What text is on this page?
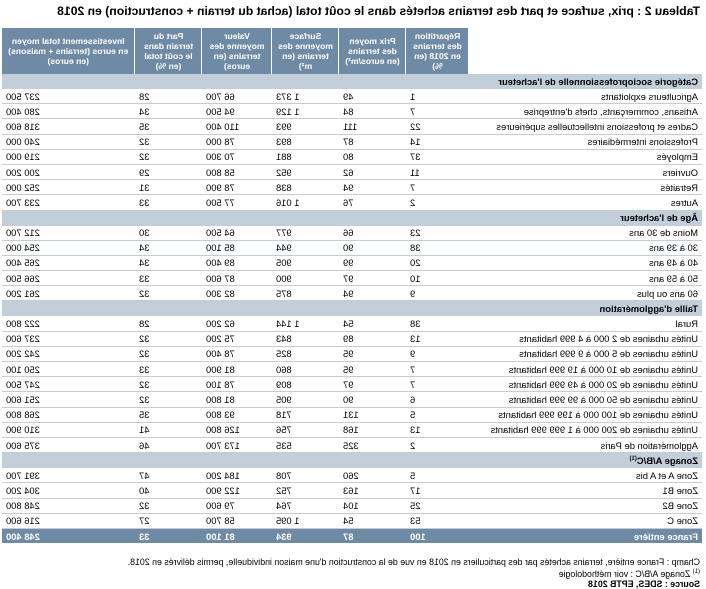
Tableau 2 : prix, surface et part des terrains achetés dans le coût total (achat du terrain + construction) en 2018
	Répartition des terrains en 2018 (en %)	Prix moyen des terrains (en euros/m²)	Surface moyenne des terrains (en m²)	Valeur moyenne des terrains (en euros)	Part du terrain dans le coût total (en %)	Investissement total moyen en euros (terrains + maisons) (en euros)
Catégorie socioprofessionnelle de l'acheteur						
Agriculteurs exploitants	1	49	1 373	66 700	28	237 500
Artisans, commerçants, chefs d'entreprise	7	84	1 129	94 500	34	280 400
Cadres et professions intellectuelles supérieures	22	111	993	110 400	35	318 600
Professions intermédiaires	14	87	893	78 000	32	240 000
Employés	37	80	881	70 300	32	219 000
Ouvriers	11	62	952	58 800	29	200 200
Retraités	7	94	838	78 900	31	252 000
Autres	2	76	1 016	77 500	33	233 700
Âge de l'acheteur						
Moins de 30 ans	23	66	977	64 500	30	212 700
30 à 39 ans	38	90	944	85 100	34	254 000
40 à 49 ans	20	99	905	89 400	34	265 400
50 à 59 ans	10	97	900	87 600	33	266 500
60 ans ou plus	9	94	875	82 300	32	261 200
Taille d'agglomération						
Rural	38	54	1 144	62 200	28	222 800
Unités urbaines de 2 000 à 4 999 habitants	13	89	843	75 200	32	237 600
Unités urbaines de 5 000 à 9 999 habitants	9	95	825	78 400	32	242 200
Unités urbaines de 10 000 à 19 999 habitants	7	95	860	81 900	33	250 100
Unités urbaines de 20 000 à 49 999 habitants	7	97	809	78 100	32	247 500
Unités urbaines de 50 000 à 99 999 habitants	6	90	905	81 800	32	251 600
Unités urbaines de 100 000 à 199 999 habitants	5	131	718	93 800	35	268 800
Unités urbaines de 200 000 à 1 999 999 habitants	13	168	756	126 800	41	310 900
Agglomération de Paris	2	325	535	173 700	46	375 600
Zonage $A/B/C^{(1)}$
Zone A et A bis	5	260	708	184 200	47	391 700
Zone B1	17	163	752	122 900	40	304 200
Zone B2	25	104	764	79 600	32	248 800
Zone C	53	54	1 095	58 700	27	216 600
France entière	100	87	934	81 100	33	248 400
Champ : France entière, terrains achetés par des particuliers en 2018 en vue de la construction d'une maison individuelle, permis délivrés en 2018.
$^{(1)}$ Zonage A/B/C : voir méthodologie
Source : SDES, EPTB 2018
